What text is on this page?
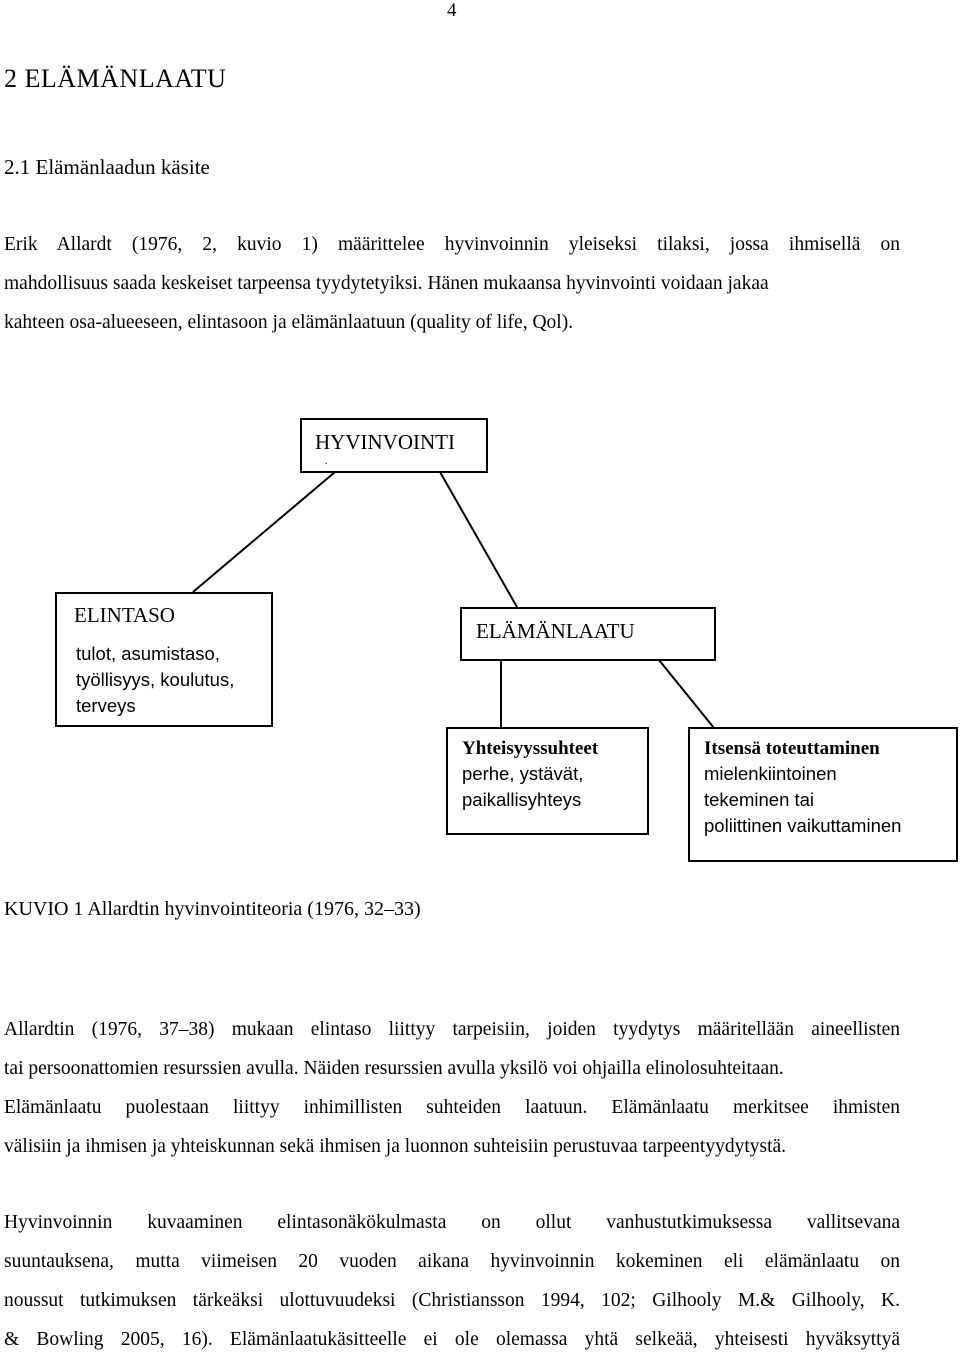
4
2 ELÄMÄNLAATU
2.1 Elämänlaadun käsite
Erik Allardt (1976, 2, kuvio 1) määrittelee hyvinvoinnin yleiseksi tilaksi, jossa ihmisellä on
mahdollisuus saada keskeiset tarpeensa tyydytetyiksi. Hänen mukaansa hyvinvointi voidaan jakaa
kahteen osa-alueeseen, elintasoon ja elämänlaatuun (quality of life, Qol).
HYVINVOINTI
.
ELINTASO
tulot, asumistaso,
työllisyys, koulutus,
terveys
ELÄMÄNLAATU
Yhteisyyssuhteet
perhe, ystävät,
paikallisyhteys
Itsensä toteuttaminen
mielenkiintoinen
tekeminen tai
poliittinen vaikuttaminen
KUVIO 1 Allardtin hyvinvointiteoria (1976, 32–33)
Allardtin (1976, 37–38) mukaan elintaso liittyy tarpeisiin, joiden tyydytys määritellään aineellisten
tai persoonattomien resurssien avulla. Näiden resurssien avulla yksilö voi ohjailla elinolosuhteitaan.
Elämänlaatu puolestaan liittyy inhimillisten suhteiden laatuun. Elämänlaatu merkitsee ihmisten
välisiin ja ihmisen ja yhteiskunnan sekä ihmisen ja luonnon suhteisiin perustuvaa tarpeentyydytystä.
Hyvinvoinnin kuvaaminen elintasonäkökulmasta on ollut vanhustutkimuksessa vallitsevana
suuntauksena, mutta viimeisen 20 vuoden aikana hyvinvoinnin kokeminen eli elämänlaatu on
noussut tutkimuksen tärkeäksi ulottuvuudeksi (Christiansson 1994, 102; Gilhooly M.& Gilhooly, K.
& Bowling 2005, 16). Elämänlaatukäsitteelle ei ole olemassa yhtä selkeää, yhteisesti hyväksyttyä
